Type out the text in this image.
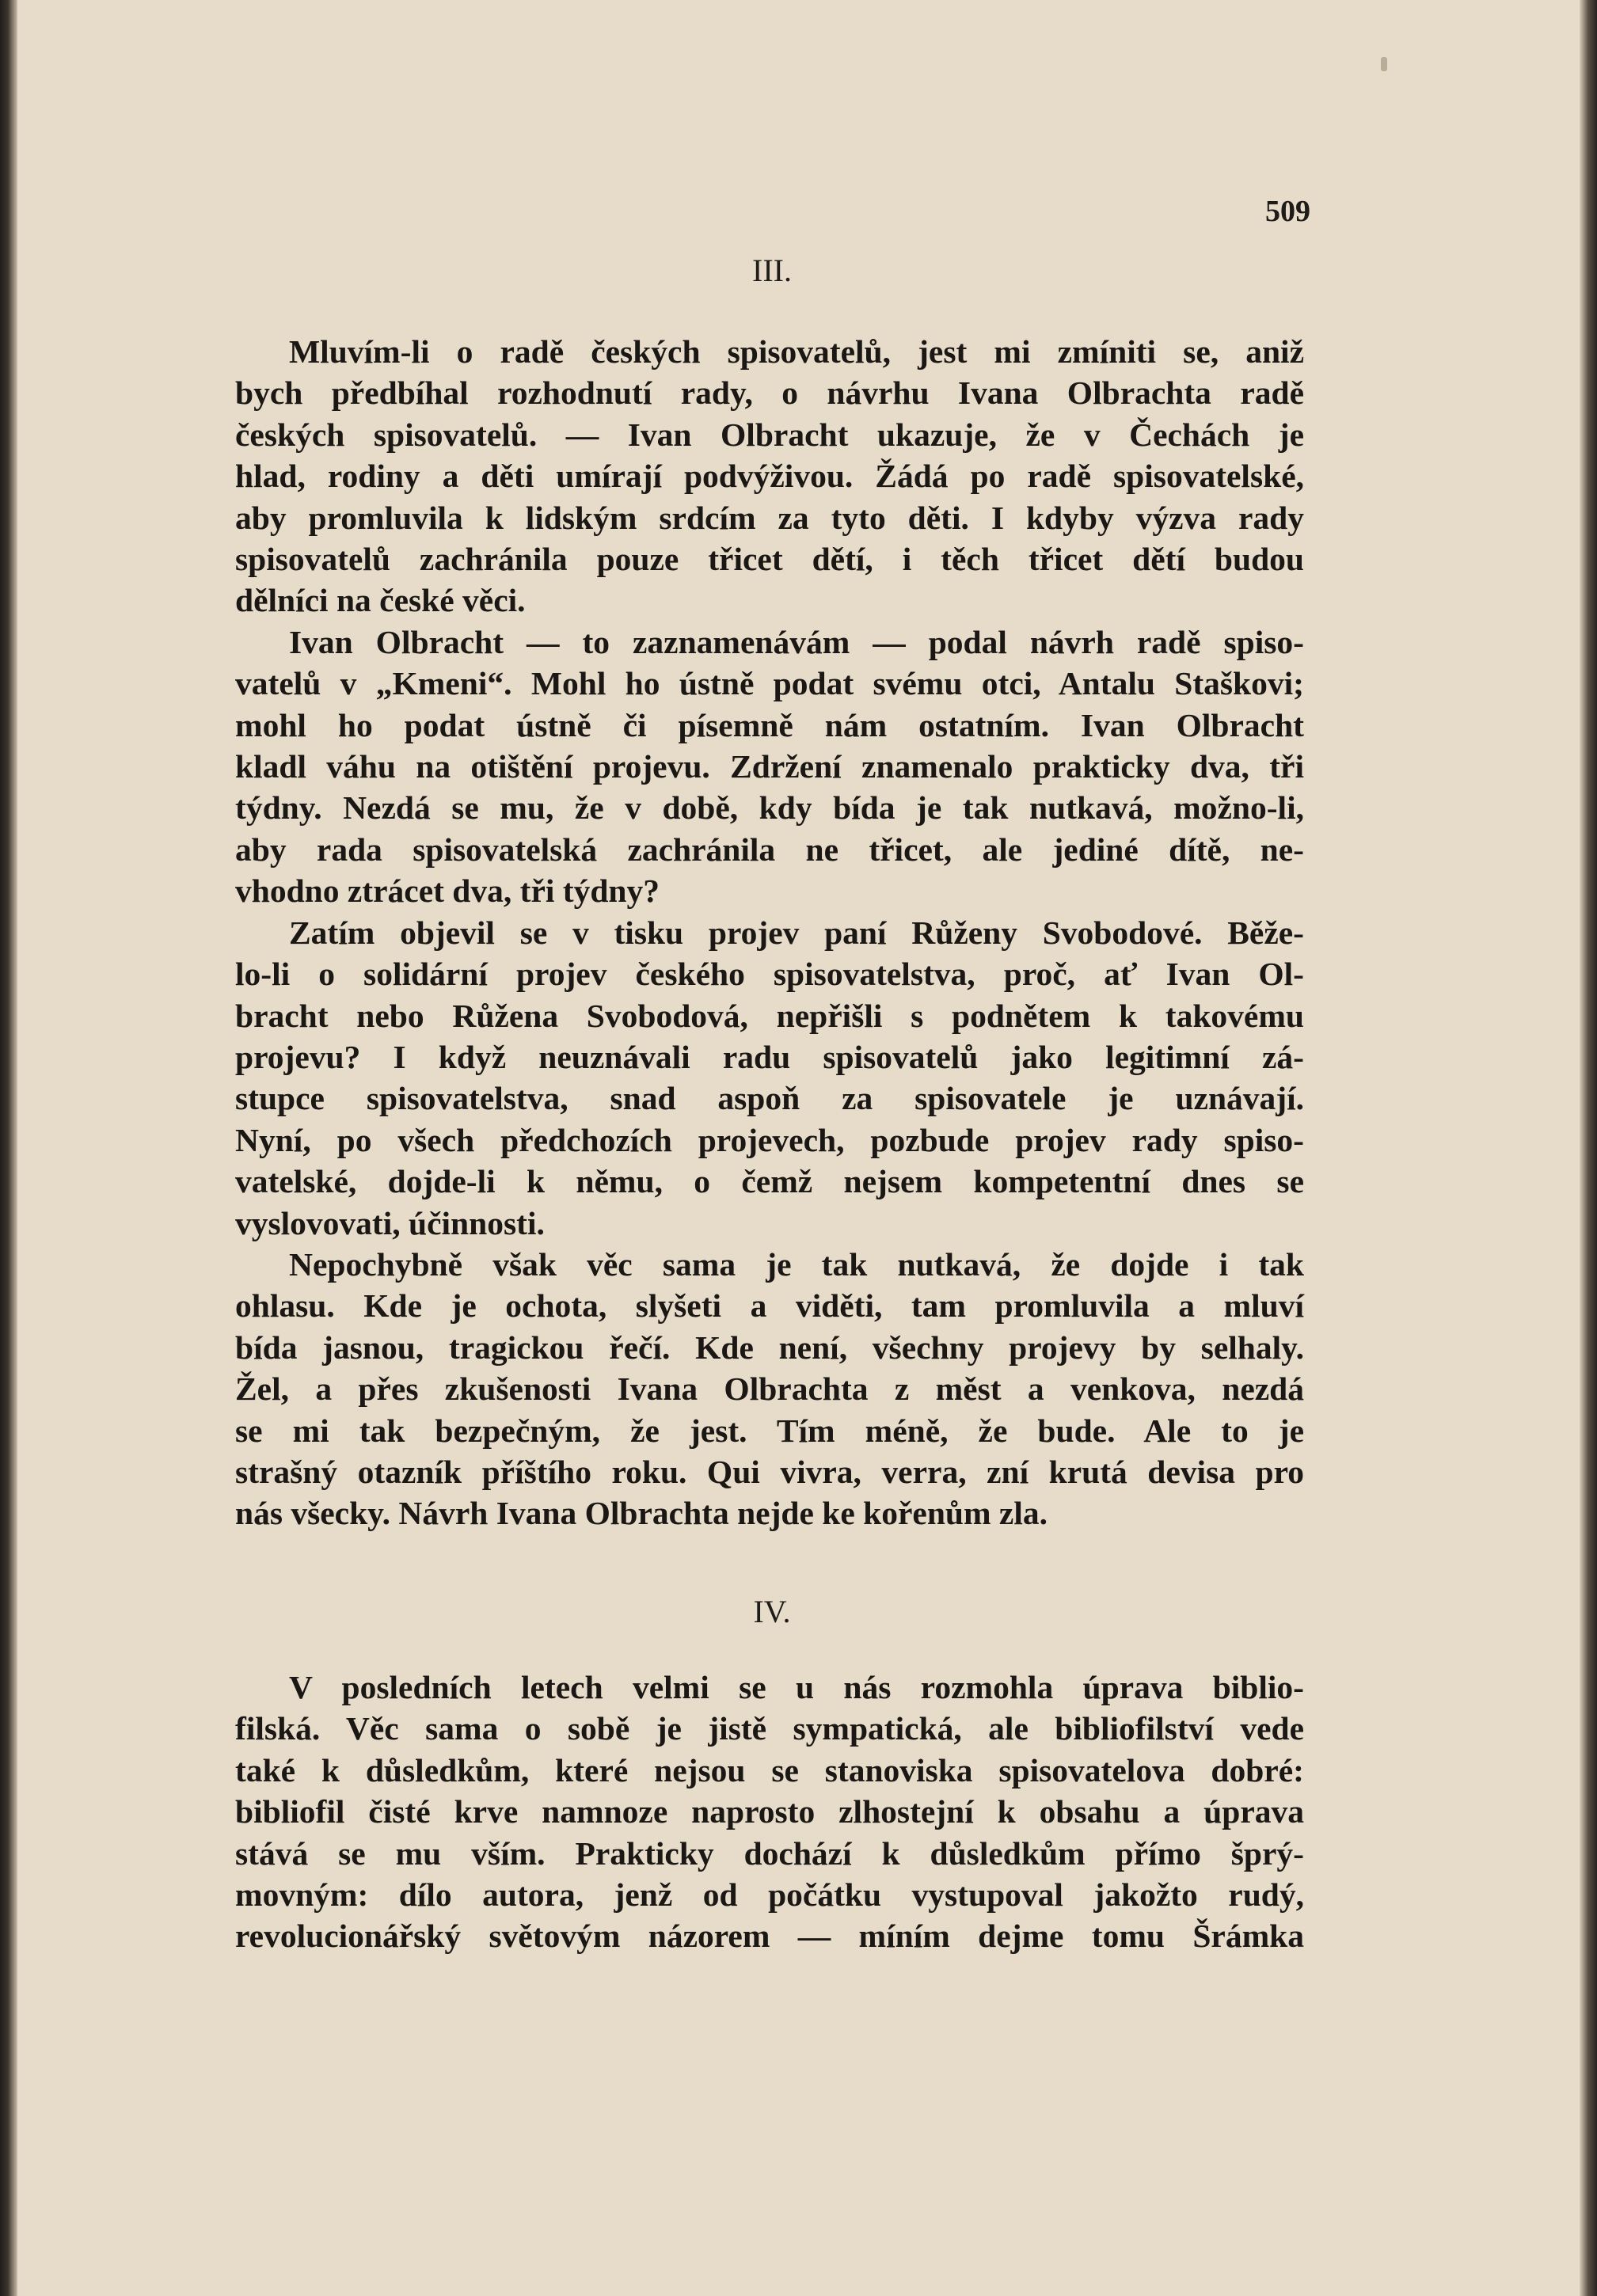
509
III.
Mluvím-li o radě českých spisovatelů, jest mi zmíniti se, aniž
bych předbíhal rozhodnutí rady, o návrhu Ivana Olbrachta radě
českých spisovatelů. — Ivan Olbracht ukazuje, že v Čechách je
hlad, rodiny a děti umírají podvýživou. Žádá po radě spisovatelské,
aby promluvila k lidským srdcím za tyto děti. I kdyby výzva rady
spisovatelů zachránila pouze třicet dětí, i těch třicet dětí budou
dělníci na české věci.
Ivan Olbracht — to zaznamenávám — podal návrh radě spiso-
vatelů v „Kmeni“. Mohl ho ústně podat svému otci, Antalu Staškovi;
mohl ho podat ústně či písemně nám ostatním. Ivan Olbracht
kladl váhu na otištění projevu. Zdržení znamenalo prakticky dva, tři
týdny. Nezdá se mu, že v době, kdy bída je tak nutkavá, možno-li,
aby rada spisovatelská zachránila ne třicet, ale jediné dítě, ne-
vhodno ztrácet dva, tři týdny?
Zatím objevil se v tisku projev paní Růženy Svobodové. Běže-
lo-li o solidární projev českého spisovatelstva, proč, ať Ivan Ol-
bracht nebo Růžena Svobodová, nepřišli s podnětem k takovému
projevu? I když neuznávali radu spisovatelů jako legitimní zá-
stupce spisovatelstva, snad aspoň za spisovatele je uznávají.
Nyní, po všech předchozích projevech, pozbude projev rady spiso-
vatelské, dojde-li k němu, o čemž nejsem kompetentní dnes se
vyslovovati, účinnosti.
Nepochybně však věc sama je tak nutkavá, že dojde i tak
ohlasu. Kde je ochota, slyšeti a viděti, tam promluvila a mluví
bída jasnou, tragickou řečí. Kde není, všechny projevy by selhaly.
Žel, a přes zkušenosti Ivana Olbrachta z měst a venkova, nezdá
se mi tak bezpečným, že jest. Tím méně, že bude. Ale to je
strašný otazník příštího roku. Qui vivra, verra, zní krutá devisa pro
nás všecky. Návrh Ivana Olbrachta nejde ke kořenům zla.
IV.
V posledních letech velmi se u nás rozmohla úprava biblio-
filská. Věc sama o sobě je jistě sympatická, ale bibliofilství vede
také k důsledkům, které nejsou se stanoviska spisovatelova dobré:
bibliofil čisté krve namnoze naprosto zlhostejní k obsahu a úprava
stává se mu vším. Prakticky dochází k důsledkům přímo šprý-
movným: dílo autora, jenž od počátku vystupoval jakožto rudý,
revolucionářský světovým názorem — míním dejme tomu Šrámka
